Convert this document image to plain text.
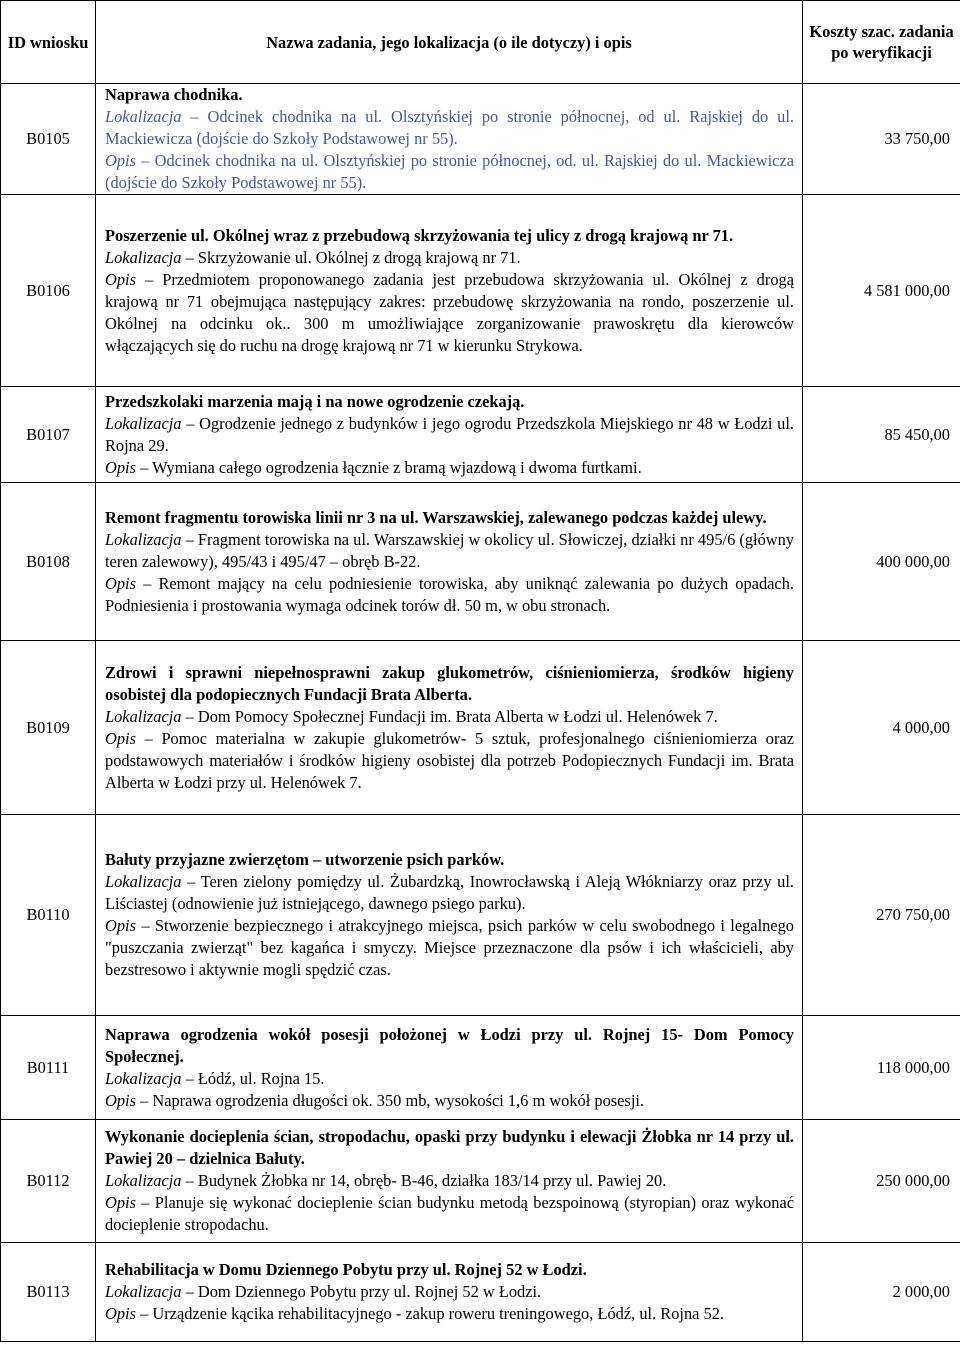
ID wniosku	Nazwa zadania, jego lokalizacja (o ile dotyczy) i opis	Koszty szac. zadania po weryfikacji
B0105	Naprawa chodnika.
Lokalizacja – Odcinek chodnika na ul. Olsztyńskiej po stronie północnej, od ul. Rajskiej do ul. Mackiewicza (dojście do Szkoły Podstawowej nr 55).
Opis – Odcinek chodnika na ul. Olsztyńskiej po stronie północnej, od. ul. Rajskiej do ul. Mackiewicza (dojście do Szkoły Podstawowej nr 55).	33 750,00
B0106	Poszerzenie ul. Okólnej wraz z przebudową skrzyżowania tej ulicy z drogą krajową nr 71.
Lokalizacja – Skrzyżowanie ul. Okólnej z drogą krajową nr 71.
Opis – Przedmiotem proponowanego zadania jest przebudowa skrzyżowania ul. Okólnej z drogą krajową nr 71 obejmująca następujący zakres: przebudowę skrzyżowania na rondo, poszerzenie ul. Okólnej na odcinku ok.. 300 m umożliwiające zorganizowanie prawoskrętu dla kierowców włączających się do ruchu na drogę krajową nr 71 w kierunku Strykowa.	4 581 000,00
B0107	Przedszkolaki marzenia mają i na nowe ogrodzenie czekają.
Lokalizacja – Ogrodzenie jednego z budynków i jego ogrodu Przedszkola Miejskiego nr 48 w Łodzi ul. Rojna 29.
Opis – Wymiana całego ogrodzenia łącznie z bramą wjazdową i dwoma furtkami.	85 450,00
B0108	Remont fragmentu torowiska linii nr 3 na ul. Warszawskiej, zalewanego podczas każdej ulewy.
Lokalizacja – Fragment torowiska na ul. Warszawskiej w okolicy ul. Słowiczej, działki nr 495/6 (główny teren zalewowy), 495/43 i 495/47 – obręb B-22.
Opis – Remont mający na celu podniesienie torowiska, aby uniknąć zalewania po dużych opadach. Podniesienia i prostowania wymaga odcinek torów dł. 50 m, w obu stronach.	400 000,00
B0109	Zdrowi i sprawni niepełnosprawni zakup glukometrów, ciśnieniomierza, środków higieny osobistej dla podopiecznych Fundacji Brata Alberta.
Lokalizacja – Dom Pomocy Społecznej Fundacji im. Brata Alberta w Łodzi ul. Helenówek 7.
Opis – Pomoc materialna w zakupie glukometrów- 5 sztuk, profesjonalnego ciśnieniomierza oraz podstawowych materiałów i środków higieny osobistej dla potrzeb Podopiecznych Fundacji im. Brata Alberta w Łodzi przy ul. Helenówek 7.	4 000,00
B0110	Bałuty przyjazne zwierzętom – utworzenie psich parków.
Lokalizacja – Teren zielony pomiędzy ul. Żubardzką, Inowrocławską i Aleją Włókniarzy oraz przy ul. Liściastej (odnowienie już istniejącego, dawnego psiego parku).
Opis – Stworzenie bezpiecznego i atrakcyjnego miejsca, psich parków w celu swobodnego i legalnego "puszczania zwierząt" bez kagańca i smyczy. Miejsce przeznaczone dla psów i ich właścicieli, aby bezstresowo i aktywnie mogli spędzić czas.	270 750,00
B0111	Naprawa ogrodzenia wokół posesji położonej w Łodzi przy ul. Rojnej 15- Dom Pomocy Społecznej.
Lokalizacja – Łódź, ul. Rojna 15.
Opis – Naprawa ogrodzenia długości ok. 350 mb, wysokości 1,6 m wokół posesji.	118 000,00
B0112	Wykonanie docieplenia ścian, stropodachu, opaski przy budynku i elewacji Żłobka nr 14 przy ul. Pawiej 20 – dzielnica Bałuty.
Lokalizacja – Budynek Żłobka nr 14, obręb- B-46, działka 183/14 przy ul. Pawiej 20.
Opis – Planuje się wykonać docieplenie ścian budynku metodą bezspoinową (styropian) oraz wykonać docieplenie stropodachu.	250 000,00
B0113	Rehabilitacja w Domu Dziennego Pobytu przy ul. Rojnej 52 w Łodzi.
Lokalizacja – Dom Dziennego Pobytu przy ul. Rojnej 52 w Łodzi.
Opis – Urządzenie kącika rehabilitacyjnego - zakup roweru treningowego, Łódź, ul. Rojna 52.	2 000,00
